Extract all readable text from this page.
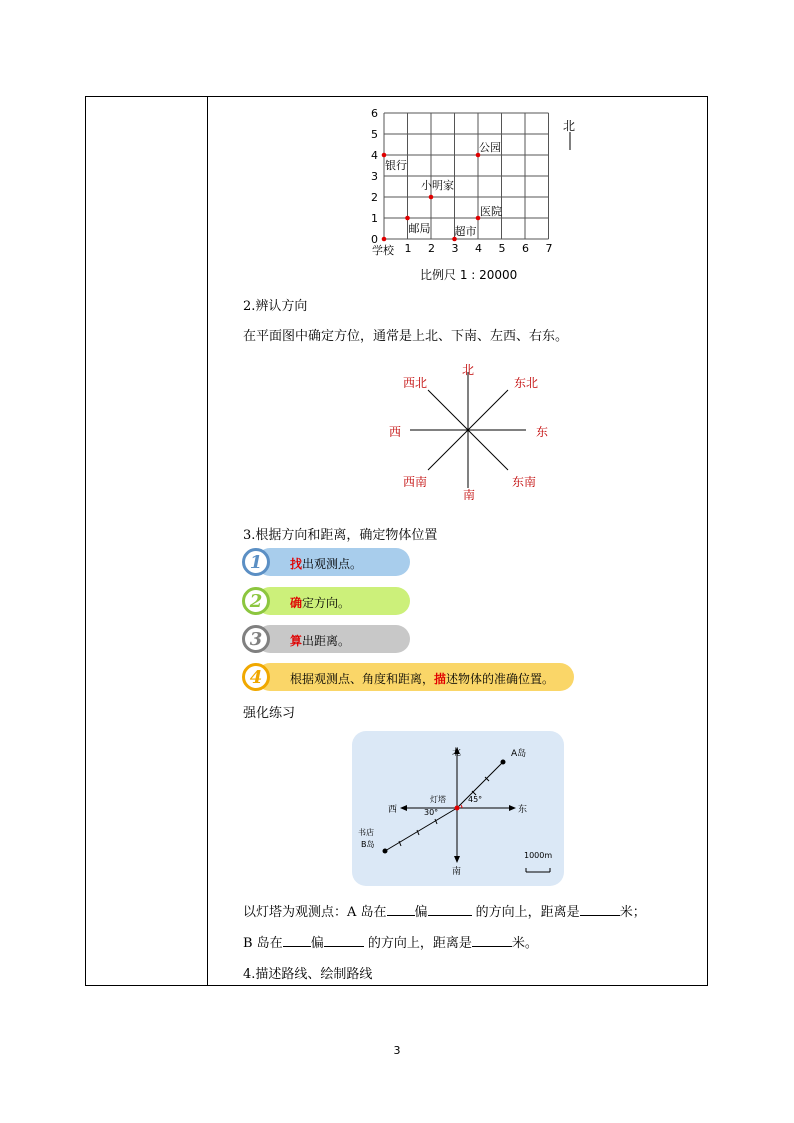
0
1
2
3
4
5
6
1 2 3 4 5 6 7
银行
公园
小明家
医院
邮局 超市
学校
北
比例尺 1 : 20000
2.辨认方向
在平面图中确定方位，通常是上北、下南、左西、右东。
北
东北
东
东南
南
西南
西
西北
3.根据方向和距离，确定物体位置
找出观测点。
1
确定方向。
2
算出距离。
3
根据观测点、角度和距离，描述物体的准确位置。
4
强化练习
北
南
东
西
A岛
书店
B岛
灯塔	45°
30°
1000m
以灯塔为观测点：A 岛在 偏	的方向上，距离是	米；
B 岛在 偏	的方向上，距离是	米。
4.描述路线、绘制路线
3
